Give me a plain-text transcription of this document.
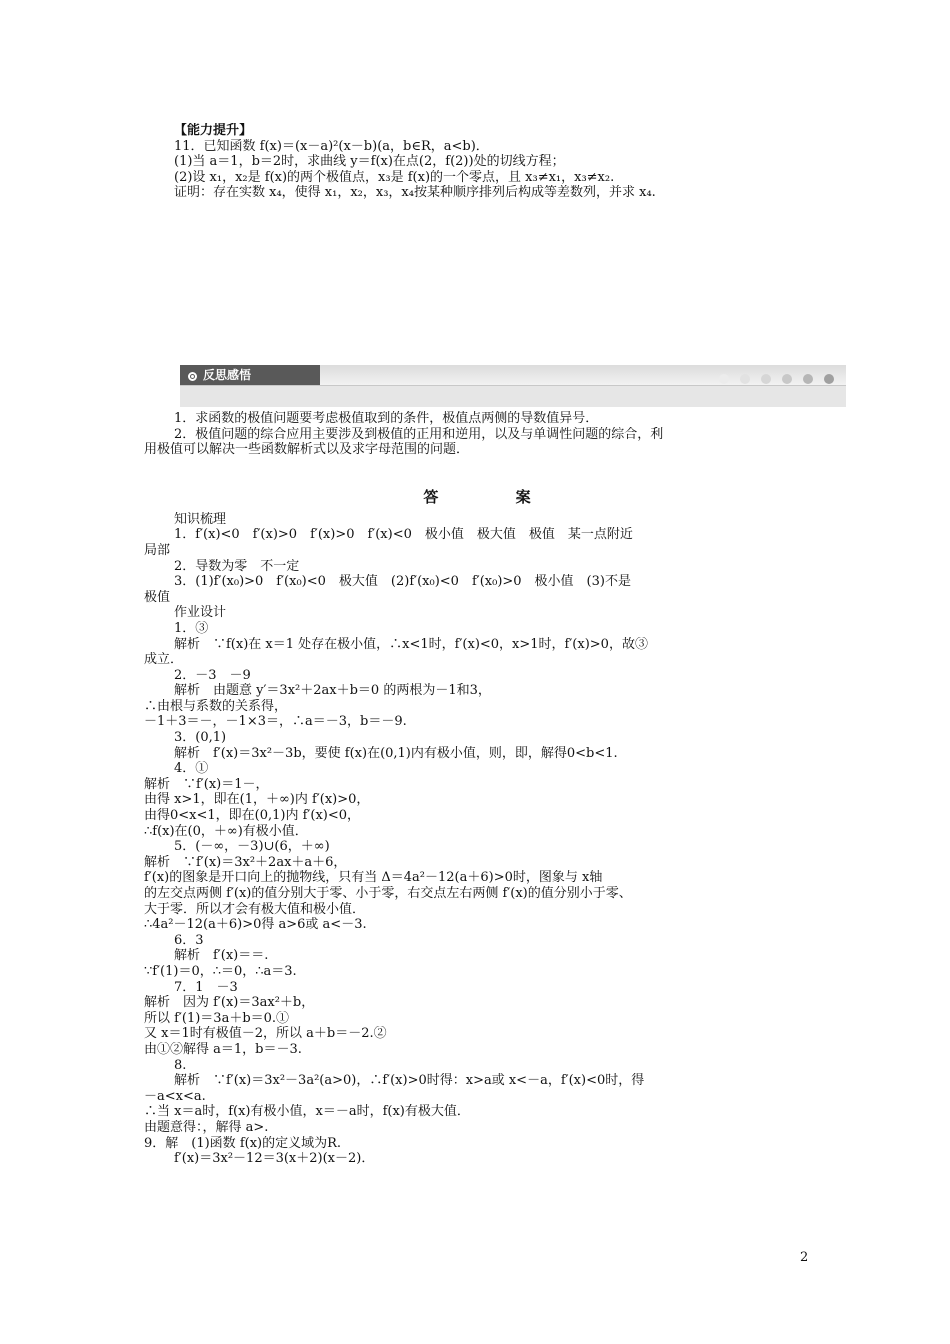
【能力提升】

11．已知函数 f(x)＝(x－a)²(x－b)(a，b∈R，a<b)．

(1)当 a＝1，b＝2时，求曲线 y＝f(x)在点(2，f(2))处的切线方程；

(2)设 x₁，x₂是 f(x)的两个极值点，x₃是 f(x)的一个零点，且 x₃≠x₁，x₃≠x₂.

证明：存在实数 x₄，使得 x₁，x₂，x₃，x₄按某种顺序排列后构成等差数列，并求 x₄.

反思感悟

1．求函数的极值问题要考虑极值取到的条件，极值点两侧的导数值异号．

2．极值问题的综合应用主要涉及到极值的正用和逆用，以及与单调性问题的综合，利

用极值可以解决一些函数解析式以及求字母范围的问题．

答 案

知识梳理

1．f′(x)<0　f′(x)>0　f′(x)>0　f′(x)<0　极小值　极大值　极值　某一点附近

局部

2．导数为零　不一定

3．(1)f′(x₀)>0　f′(x₀)<0　极大值　(2)f′(x₀)<0　f′(x₀)>0　极小值　(3)不是

极值

作业设计

1．③

解析　∵f(x)在 x＝1 处存在极小值，∴x<1时，f′(x)<0，x>1时，f′(x)>0，故③

成立．

2．－3　－9

解析　由题意 y′＝3x²＋2ax＋b＝0 的两根为－1和3，

∴由根与系数的关系得，

－1＋3＝－，－1×3＝，∴a＝－3，b＝－9.

3．(0,1)

解析　f′(x)＝3x²－3b，要使 f(x)在(0,1)内有极小值，则，即，解得0<b<1.

4．①

解析　∵f′(x)＝1－，

由得 x>1，即在(1，＋∞)内 f′(x)>0，

由得0<x<1，即在(0,1)内 f′(x)<0，

∴f(x)在(0，＋∞)有极小值．

5．(－∞，－3)∪(6，＋∞)

解析　∵f′(x)＝3x²＋2ax＋a＋6，

f′(x)的图象是开口向上的抛物线，只有当 Δ＝4a²－12(a＋6)>0时，图象与 x轴

的左交点两侧 f′(x)的值分别大于零、小于零，右交点左右两侧 f′(x)的值分别小于零、

大于零．所以才会有极大值和极小值．

∴4a²－12(a＋6)>0得 a>6或 a<－3.

6．3

解析　f′(x)＝＝.

∵f′(1)＝0，∴＝0，∴a＝3.

7．1　－3

解析　因为 f′(x)＝3ax²＋b，

所以 f′(1)＝3a＋b＝0.①

又 x＝1时有极值－2，所以 a＋b＝－2.②

由①②解得 a＝1，b＝－3.

8.

解析　∵f′(x)＝3x²－3a²(a>0)，∴f′(x)>0时得：x>a或 x<－a，f′(x)<0时，得

－a<x<a.

∴当 x＝a时，f(x)有极小值，x＝－a时，f(x)有极大值．

由题意得：，解得 a>.

9．解　(1)函数 f(x)的定义域为R.

f′(x)＝3x²－12＝3(x＋2)(x－2)．

2
